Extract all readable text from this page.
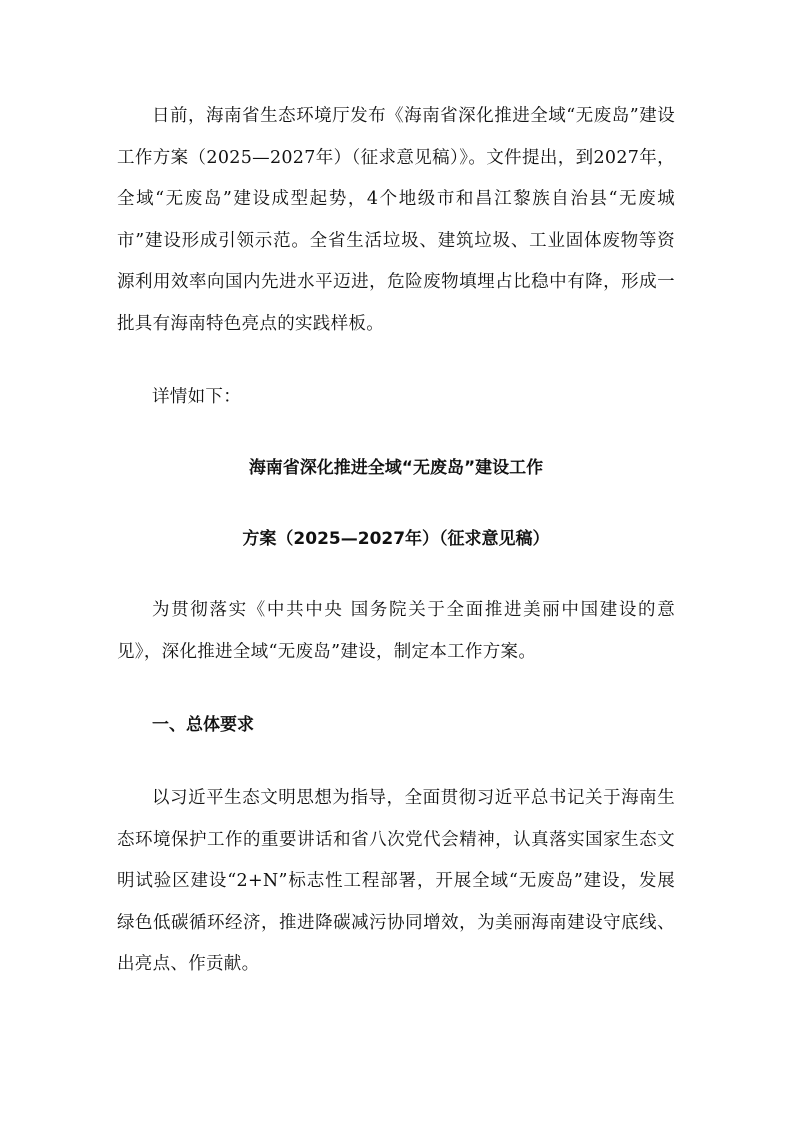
日前，海南省生态环境厅发布《海南省深化推进全域“无废岛”建设工作方案（2025—2027年）（征求意见稿）》。文件提出，到2027年，全域“无废岛”建设成型起势，4个地级市和昌江黎族自治县“无废城市”建设形成引领示范。全省生活垃圾、建筑垃圾、工业固体废物等资源利用效率向国内先进水平迈进，危险废物填埋占比稳中有降，形成一批具有海南特色亮点的实践样板。

详情如下：

海南省深化推进全域“无废岛”建设工作

方案（2025—2027年）（征求意见稿）

为贯彻落实《中共中央 国务院关于全面推进美丽中国建设的意见》，深化推进全域“无废岛”建设，制定本工作方案。

一、总体要求

以习近平生态文明思想为指导，全面贯彻习近平总书记关于海南生态环境保护工作的重要讲话和省八次党代会精神，认真落实国家生态文明试验区建设“2+N”标志性工程部署，开展全域“无废岛”建设，发展绿色低碳循环经济，推进降碳减污协同增效，为美丽海南建设守底线、出亮点、作贡献。
